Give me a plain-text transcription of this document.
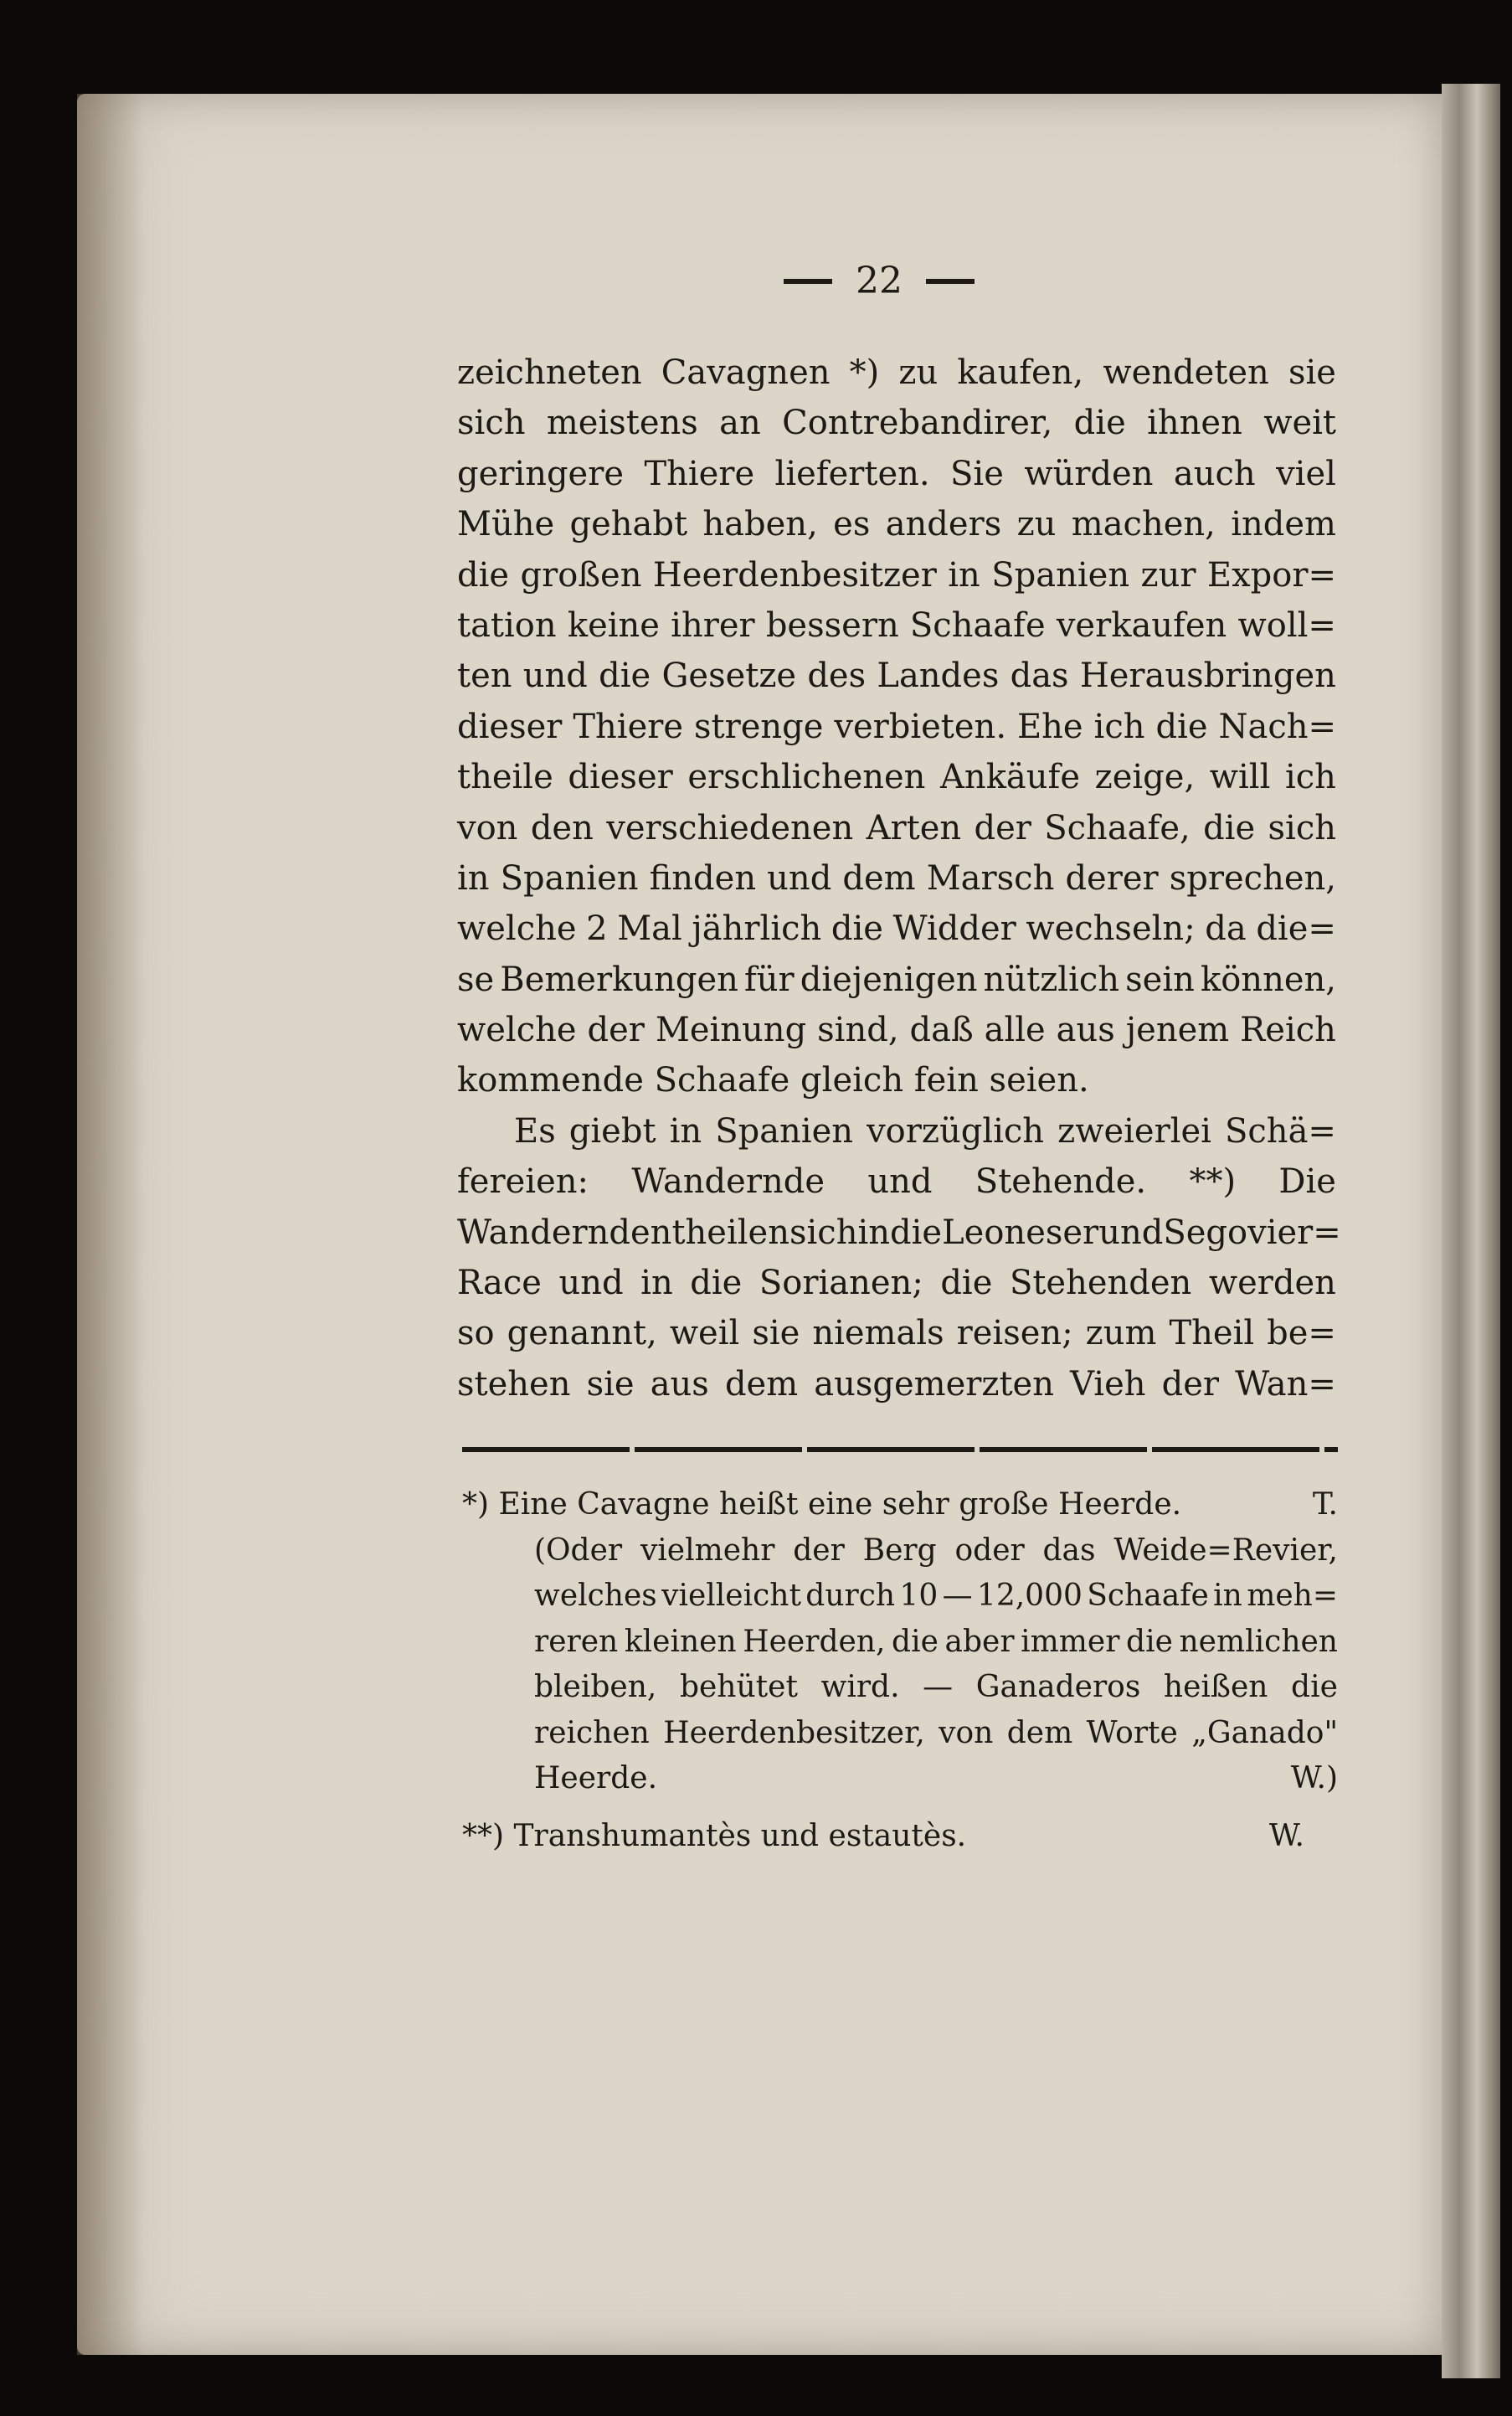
22
zeichneten Cavagnen *) zu kaufen, wendeten sie
sich meistens an Contrebandirer, die ihnen weit
geringere Thiere lieferten. Sie würden auch viel
Mühe gehabt haben, es anders zu machen, indem
die großen Heerdenbesitzer in Spanien zur Expor=
tation keine ihrer bessern Schaafe verkaufen woll=
ten und die Gesetze des Landes das Herausbringen
dieser Thiere strenge verbieten. Ehe ich die Nach=
theile dieser erschlichenen Ankäufe zeige, will ich
von den verschiedenen Arten der Schaafe, die sich
in Spanien finden und dem Marsch derer sprechen,
welche 2 Mal jährlich die Widder wechseln; da die=
se Bemerkungen für diejenigen nützlich sein können,
welche der Meinung sind, daß alle aus jenem Reich
kommende Schaafe gleich fein seien.
Es giebt in Spanien vorzüglich zweierlei Schä=
fereien: Wandernde und Stehende. **) Die
Wandernden theilen sich in die Leoneser und Segovier=
Race und in die Sorianen; die Stehenden werden
so genannt, weil sie niemals reisen; zum Theil be=
stehen sie aus dem ausgemerzten Vieh der Wan=
*) Eine Cavagne heißt eine sehr große Heerde.	T.
(Oder vielmehr der Berg oder das Weide=Revier,
welches vielleicht durch 10 — 12,000 Schaafe in meh=
reren kleinen Heerden, die aber immer die nemlichen
bleiben, behütet wird. — Ganaderos heißen die
reichen Heerdenbesitzer, von dem Worte „Ganado"
Heerde.	W.)
**) Transhumantès und estautès.	W.
